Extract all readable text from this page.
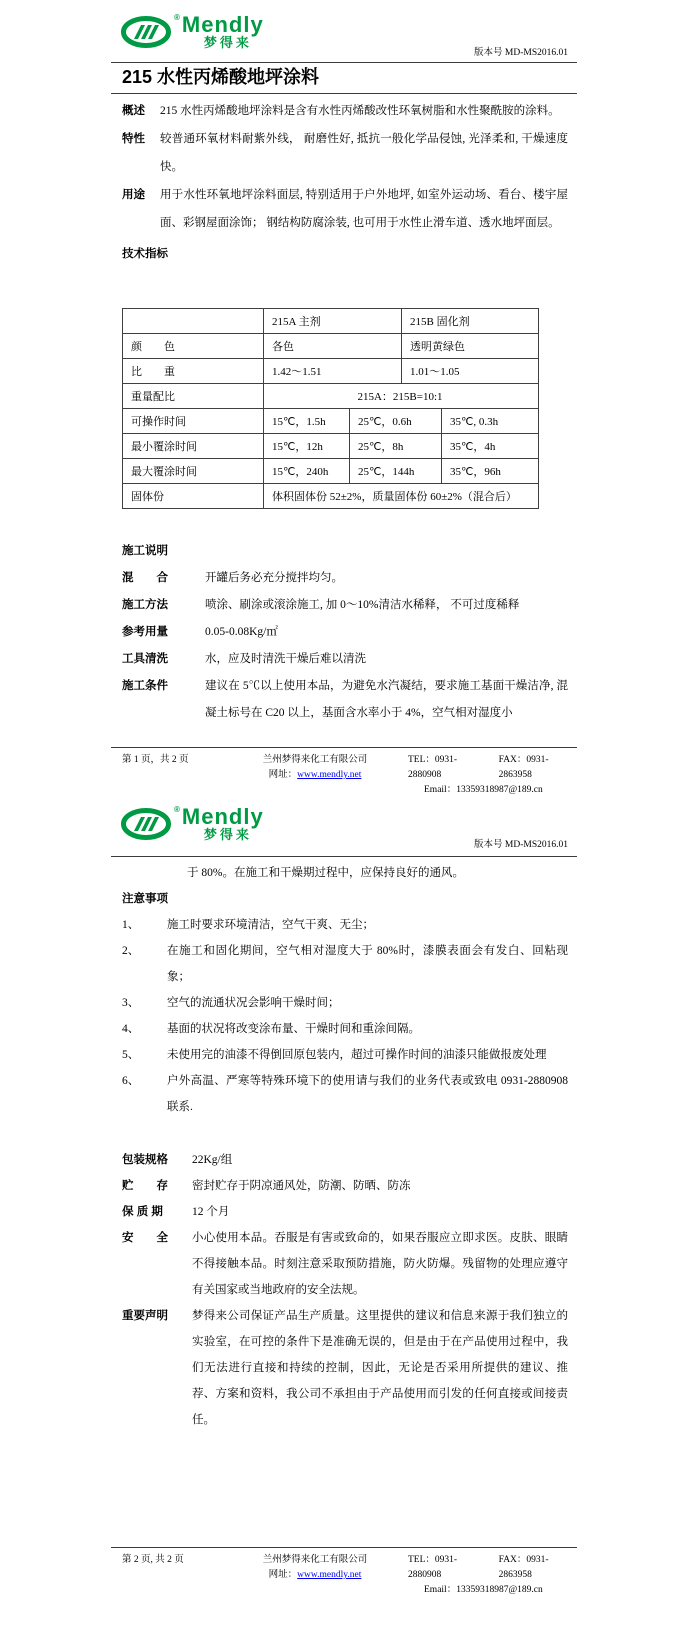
® Mendly
梦得来
版本号 MD-MS2016.01
215 水性丙烯酸地坪涂料
概述	215 水性丙烯酸地坪涂料是含有水性丙烯酸改性环氧树脂和水性聚酰胺的涂料。
特性	较普通环氧材料耐紫外线， 耐磨性好, 抵抗一般化学品侵蚀, 光泽柔和, 干燥速度快。
用途	用于水性环氧地坪涂料面层, 特别适用于户外地坪, 如室外运动场、看台、楼宇屋面、彩钢屋面涂饰； 钢结构防腐涂装, 也可用于水性止滑车道、透水地坪面层。
技术指标
	215A 主剂		215B 固化剂	
颜　　色	各色		透明黄绿色	
比　　重	1.42～1.51		1.01～1.05	
重量配比	215A：215B=10:1			
可操作时间	15℃，1.5h	25℃，0.6h		35℃, 0.3h
最小覆涂时间	15℃，12h	25℃，8h		35℃，4h
最大覆涂时间	15℃，240h	25℃，144h		35℃，96h
固体份	体积固体份 52±2%，质量固体份 60±2%（混合后）			
施工说明
混　　合	开罐后务必充分搅拌均匀。
施工方法	喷涂、刷涂或滚涂施工, 加 0～10%清洁水稀释， 不可过度稀释
参考用量	0.05-0.08Kg/㎡
工具清洗	水，应及时清洗干燥后难以清洗
施工条件	建议在 5℃以上使用本品，为避免水汽凝结，要求施工基面干燥洁净, 混凝土标号在 C20 以上，基面含水率小于 4%，空气相对湿度小
第 1 页，共 2 页	兰州梦得来化工有限公司
网址：www.mendly.net
TEL：0931-2880908
FAX：0931-2863958
Email：13359318987@189.cn
® Mendly
梦得来
版本号 MD-MS2016.01
于 80%。在施工和干燥期过程中，应保持良好的通风。
注意事项
1、	施工时要求环境清洁，空气干爽、无尘；
2、	在施工和固化期间，空气相对湿度大于 80%时，漆膜表面会有发白、回粘现象；
3、	空气的流通状况会影响干燥时间；
4、	基面的状况将改变涂布量、干燥时间和重涂间隔。
5、	未使用完的油漆不得倒回原包装内，超过可操作时间的油漆只能做报废处理
6、	户外高温、严寒等特殊环境下的使用请与我们的业务代表或致电 0931-2880908 联系.
包装规格	22Kg/组
贮　　存	密封贮存于阴凉通风处，防潮、防晒、防冻
保 质 期	12 个月
安　　全	小心使用本品。吞服是有害或致命的，如果吞服应立即求医。皮肤、眼睛不得接触本品。时刻注意采取预防措施，防火防爆。残留物的处理应遵守有关国家或当地政府的安全法规。
重要声明	梦得来公司保证产品生产质量。这里提供的建议和信息来源于我们独立的实验室，在可控的条件下是准确无误的，但是由于在产品使用过程中，我们无法进行直接和持续的控制，因此，无论是否采用所提供的建议、推荐、方案和资料，我公司不承担由于产品使用而引发的任何直接或间接责任。
第 2 页, 共 2 页	兰州梦得来化工有限公司
网址：www.mendly.net
TEL：0931-2880908
FAX：0931-2863958
Email：13359318987@189.cn
